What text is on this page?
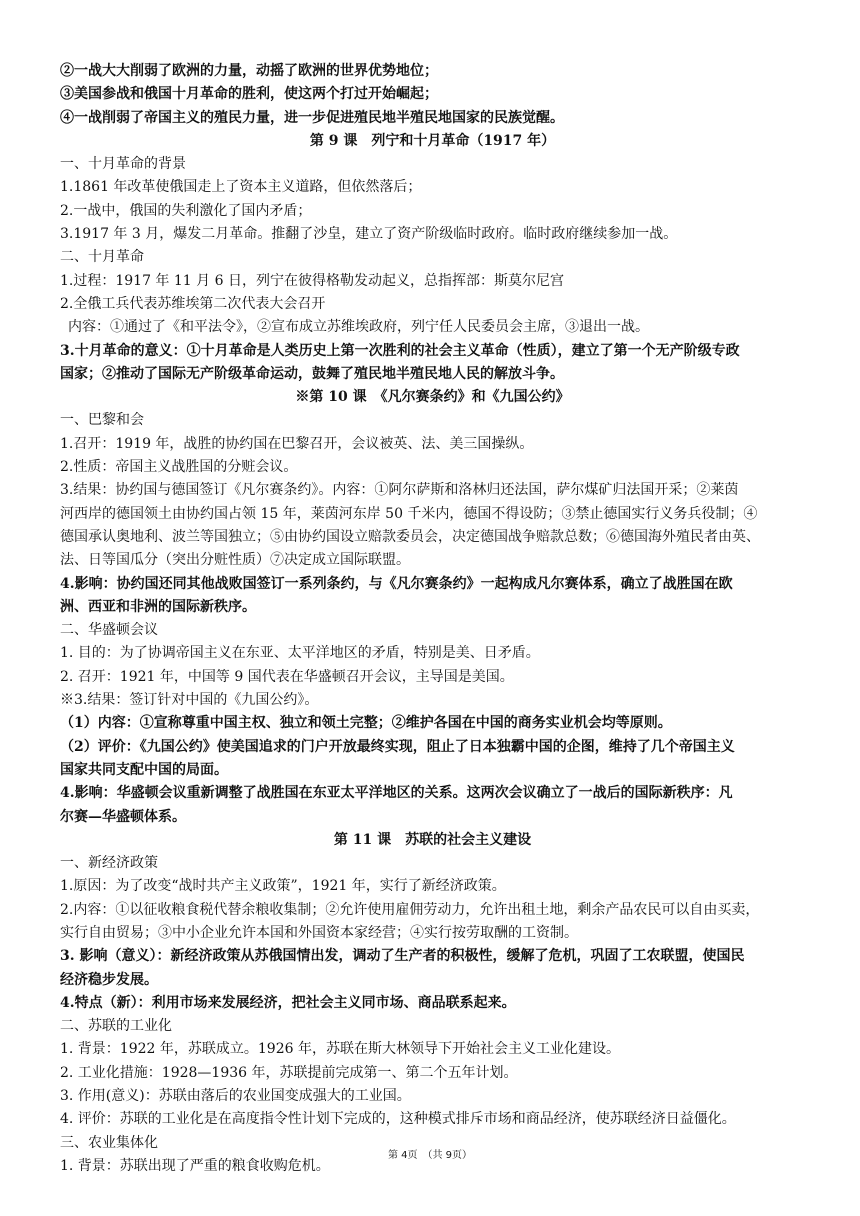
②一战大大削弱了欧洲的力量，动摇了欧洲的世界优势地位；
③美国参战和俄国十月革命的胜利，使这两个打过开始崛起；
④一战削弱了帝国主义的殖民力量，进一步促进殖民地半殖民地国家的民族觉醒。
第 9 课　列宁和十月革命（1917 年）
一、十月革命的背景
1.1861 年改革使俄国走上了资本主义道路，但依然落后；
2.一战中，俄国的失利激化了国内矛盾；
3.1917 年 3 月，爆发二月革命。推翻了沙皇，建立了资产阶级临时政府。临时政府继续参加一战。
二、十月革命
1.过程：1917 年 11 月 6 日，列宁在彼得格勒发动起义，总指挥部：斯莫尔尼宫
2.全俄工兵代表苏维埃第二次代表大会召开
内容：①通过了《和平法令》，②宣布成立苏维埃政府，列宁任人民委员会主席，③退出一战。
3.十月革命的意义：①十月革命是人类历史上第一次胜利的社会主义革命（性质），建立了第一个无产阶级专政
国家；②推动了国际无产阶级革命运动，鼓舞了殖民地半殖民地人民的解放斗争。
※第 10 课　《凡尔赛条约》和《九国公约》
一、巴黎和会
1.召开：1919 年，战胜的协约国在巴黎召开，会议被英、法、美三国操纵。
2.性质：帝国主义战胜国的分赃会议。
3.结果：协约国与德国签订《凡尔赛条约》。内容：①阿尔萨斯和洛林归还法国，萨尔煤矿归法国开采；②莱茵
河西岸的德国领土由协约国占领 15 年，莱茵河东岸 50 千米内，德国不得设防；③禁止德国实行义务兵役制；④
德国承认奥地利、波兰等国独立；⑤由协约国设立赔款委员会，决定德国战争赔款总数；⑥德国海外殖民者由英、
法、日等国瓜分（突出分赃性质）⑦决定成立国际联盟。
4.影响：协约国还同其他战败国签订一系列条约，与《凡尔赛条约》一起构成凡尔赛体系，确立了战胜国在欧
洲、西亚和非洲的国际新秩序。
二、华盛顿会议
1. 目的：为了协调帝国主义在东亚、太平洋地区的矛盾，特别是美、日矛盾。
2. 召开：1921 年，中国等 9 国代表在华盛顿召开会议，主导国是美国。
※3.结果：签订针对中国的《九国公约》。
（1）内容：①宣称尊重中国主权、独立和领土完整；②维护各国在中国的商务实业机会均等原则。
（2）评价：《九国公约》使美国追求的门户开放最终实现，阻止了日本独霸中国的企图，维持了几个帝国主义
国家共同支配中国的局面。
4.影响：华盛顿会议重新调整了战胜国在东亚太平洋地区的关系。这两次会议确立了一战后的国际新秩序：凡
尔赛—华盛顿体系。
第 11 课　苏联的社会主义建设
一、新经济政策
1.原因：为了改变“战时共产主义政策”，1921 年，实行了新经济政策。
2.内容：①以征收粮食税代替余粮收集制；②允许使用雇佣劳动力，允许出租土地，剩余产品农民可以自由买卖，
实行自由贸易；③中小企业允许本国和外国资本家经营；④实行按劳取酬的工资制。
3. 影响（意义）：新经济政策从苏俄国情出发，调动了生产者的积极性，缓解了危机，巩固了工农联盟，使国民
经济稳步发展。
4.特点（新）：利用市场来发展经济，把社会主义同市场、商品联系起来。
二、苏联的工业化
1. 背景：1922 年，苏联成立。1926 年，苏联在斯大林领导下开始社会主义工业化建设。
2. 工业化措施：1928—1936 年，苏联提前完成第一、第二个五年计划。
3. 作用(意义)：苏联由落后的农业国变成强大的工业国。
4. 评价：苏联的工业化是在高度指令性计划下完成的，这种模式排斥市场和商品经济，使苏联经济日益僵化。
三、农业集体化
1. 背景：苏联出现了严重的粮食收购危机。
第 4页　（共 9页）
